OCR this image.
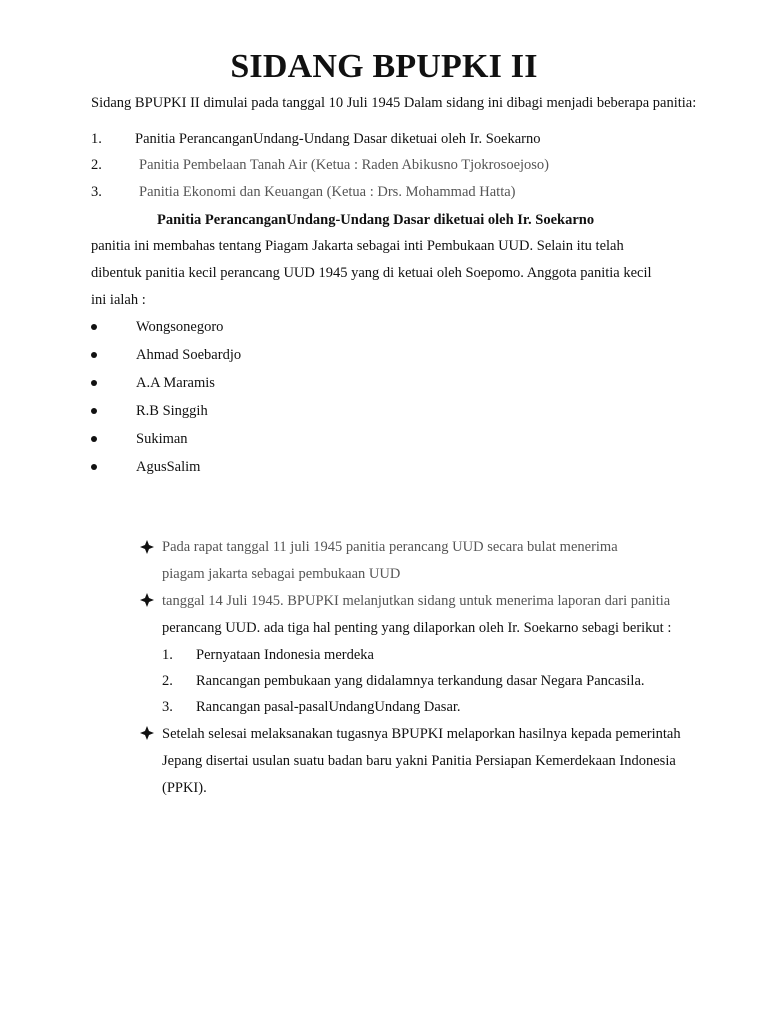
SIDANG BPUPKI II
Sidang BPUPKI II dimulai pada tanggal 10 Juli 1945 Dalam sidang ini dibagi menjadi beberapa panitia:
1. Panitia PerancanganUndang-Undang Dasar diketuai oleh Ir. Soekarno
2.	Panitia Pembelaan Tanah Air (Ketua : Raden Abikusno Tjokrosoejoso)
3.	Panitia Ekonomi dan Keuangan (Ketua : Drs. Mohammad Hatta)
Panitia PerancanganUndang-Undang Dasar diketuai oleh Ir. Soekarno
panitia ini membahas tentang Piagam Jakarta sebagai inti Pembukaan UUD. Selain itu telah
dibentuk panitia kecil perancang UUD 1945 yang di ketuai oleh Soepomo. Anggota panitia kecil
ini ialah :
Wongsonegoro
Ahmad Soebardjo
A.A Maramis
R.B Singgih
Sukiman
AgusSalim
Pada rapat tanggal 11 juli 1945 panitia perancang UUD secara bulat menerima
piagam jakarta sebagai pembukaan UUD
tanggal 14 Juli 1945. BPUPKI melanjutkan sidang untuk menerima laporan dari panitia
perancang UUD. ada tiga hal penting yang dilaporkan oleh Ir. Soekarno sebagi berikut :
1. Pernyataan Indonesia merdeka
2. Rancangan pembukaan yang didalamnya terkandung dasar Negara Pancasila.
3. Rancangan pasal-pasalUndangUndang Dasar.
Setelah selesai melaksanakan tugasnya BPUPKI melaporkan hasilnya kepada pemerintah
Jepang disertai usulan suatu badan baru yakni Panitia Persiapan Kemerdekaan Indonesia
(PPKI).
